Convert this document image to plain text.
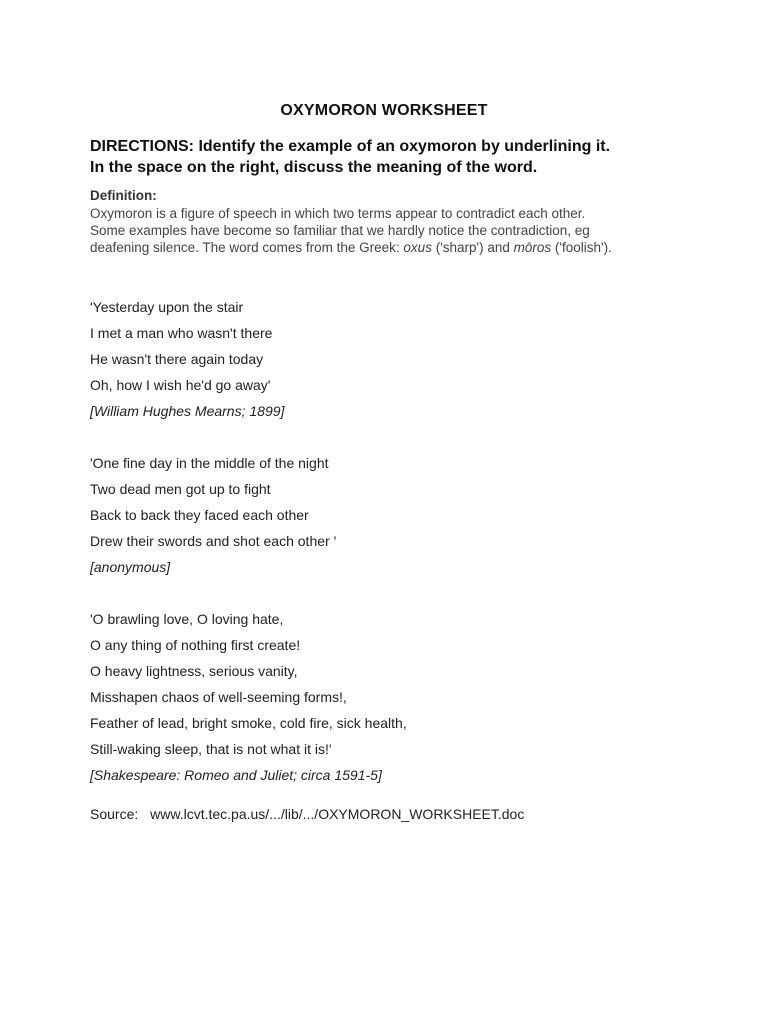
OXYMORON WORKSHEET
DIRECTIONS: Identify the example of an oxymoron by underlining it.
In the space on the right, discuss the meaning of the word.
Definition:
Oxymoron is a figure of speech in which two terms appear to contradict each other.
Some examples have become so familiar that we hardly notice the contradiction, eg
deafening silence. The word comes from the Greek: oxus ('sharp') and mōros ('foolish').
'Yesterday upon the stair
I met a man who wasn't there
He wasn't there again today
Oh, how I wish he'd go away'
[William Hughes Mearns; 1899]
'One fine day in the middle of the night
Two dead men got up to fight
Back to back they faced each other
Drew their swords and shot each other '
[anonymous]
'O brawling love, O loving hate,
O any thing of nothing first create!
O heavy lightness, serious vanity,
Misshapen chaos of well-seeming forms!,
Feather of lead, bright smoke, cold fire, sick health,
Still-waking sleep, that is not what it is!'
[Shakespeare: Romeo and Juliet; circa 1591-5]
Source: www.lcvt.tec.pa.us/.../lib/.../OXYMORON_WORKSHEET.doc
